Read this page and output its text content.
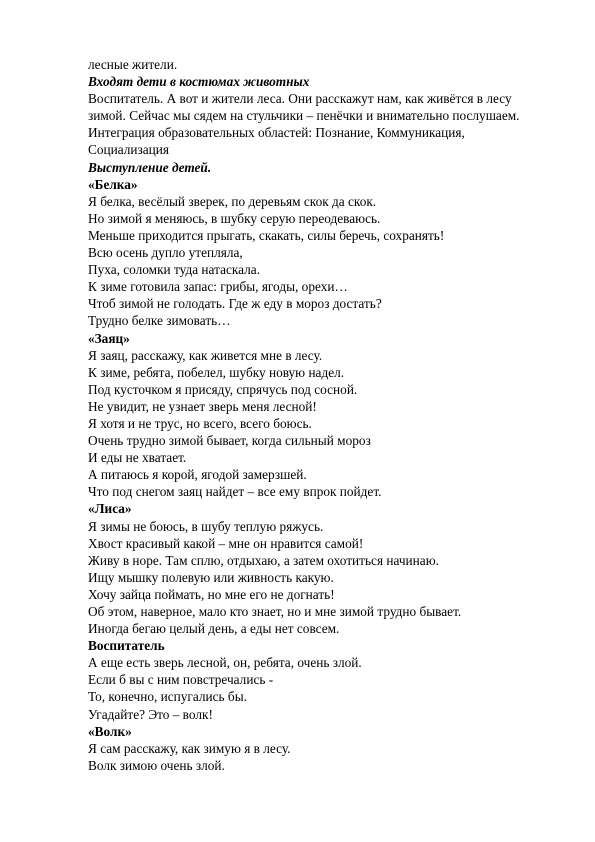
лесные жители.
Входят дети в костюмах животных
Воспитатель. А вот и жители леса. Они расскажут нам, как живётся в лесу
зимой. Сейчас мы сядем на стульчики – пенёчки и внимательно послушаем.
Интеграция образовательных областей: Познание, Коммуникация,
Социализация
Выступление детей.
«Белка»
Я белка, весёлый зверек, по деревьям скок да скок.
Но зимой я меняюсь, в шубку серую переодеваюсь.
Меньше приходится прыгать, скакать, силы беречь, сохранять!
Всю осень дупло утепляла,
Пуха, соломки туда натаскала.
К зиме готовила запас: грибы, ягоды, орехи…
Чтоб зимой не голодать. Где ж еду в мороз достать?
Трудно белке зимовать…
«Заяц»
Я заяц, расскажу, как живется мне в лесу.
К зиме, ребята, побелел, шубку новую надел.
Под кусточком я присяду, спрячусь под сосной.
Не увидит, не узнает зверь меня лесной!
Я хотя и не трус, но всего, всего боюсь.
Очень трудно зимой бывает, когда сильный мороз
И еды не хватает.
А питаюсь я корой, ягодой замерзшей.
Что под снегом заяц найдет – все ему впрок пойдет.
«Лиса»
Я зимы не боюсь, в шубу теплую ряжусь.
Хвост красивый какой – мне он нравится самой!
Живу в норе. Там сплю, отдыхаю, а затем охотиться начинаю.
Ищу мышку полевую или живность какую.
Хочу зайца поймать, но мне его не догнать!
Об этом, наверное, мало кто знает, но и мне зимой трудно бывает.
Иногда бегаю целый день, а еды нет совсем.
Воспитатель
А еще есть зверь лесной, он, ребята, очень злой.
Если б вы с ним повстречались -
То, конечно, испугались бы.
Угадайте? Это – волк!
«Волк»
Я сам расскажу, как зимую я в лесу.
Волк зимою очень злой.
